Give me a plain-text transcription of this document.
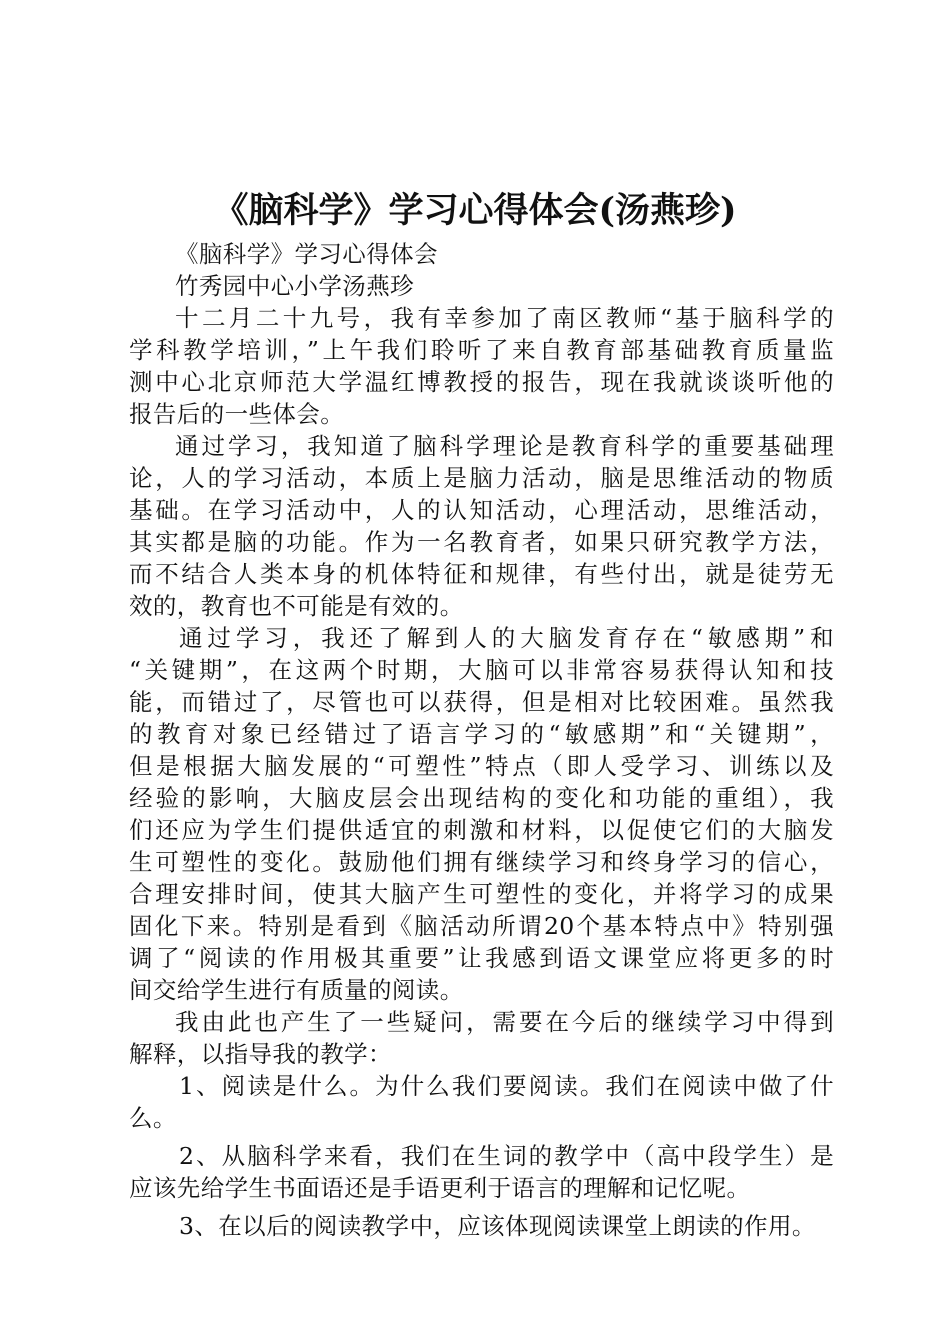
《脑科学》学习心得体会(汤燕珍)
《脑科学》学习心得体会
竹秀园中心小学汤燕珍
十二月二十九号，我有幸参加了南区教师“基于脑科学的
学科教学培训，”上午我们聆听了来自教育部基础教育质量监
测中心北京师范大学温红博教授的报告，现在我就谈谈听他的
报告后的一些体会。
通过学习，我知道了脑科学理论是教育科学的重要基础理
论，人的学习活动，本质上是脑力活动，脑是思维活动的物质
基础。在学习活动中，人的认知活动，心理活动，思维活动，
其实都是脑的功能。作为一名教育者，如果只研究教学方法，
而不结合人类本身的机体特征和规律，有些付出，就是徒劳无
效的，教育也不可能是有效的。
通过学习，我还了解到人的大脑发育存在“敏感期”和
“关键期”，在这两个时期，大脑可以非常容易获得认知和技
能，而错过了，尽管也可以获得，但是相对比较困难。虽然我
的教育对象已经错过了语言学习的“敏感期”和“关键期”，
但是根据大脑发展的“可塑性”特点（即人受学习、训练以及
经验的影响，大脑皮层会出现结构的变化和功能的重组），我
们还应为学生们提供适宜的刺激和材料，以促使它们的大脑发
生可塑性的变化。鼓励他们拥有继续学习和终身学习的信心，
合理安排时间，使其大脑产生可塑性的变化，并将学习的成果
固化下来。特别是看到《脑活动所谓20个基本特点中》特别强
调了“阅读的作用极其重要”让我感到语文课堂应将更多的时
间交给学生进行有质量的阅读。
我由此也产生了一些疑问，需要在今后的继续学习中得到
解释，以指导我的教学：
1、阅读是什么。为什么我们要阅读。我们在阅读中做了什
么。
2、从脑科学来看，我们在生词的教学中（高中段学生）是
应该先给学生书面语还是手语更利于语言的理解和记忆呢。
3、在以后的阅读教学中，应该体现阅读课堂上朗读的作用。
